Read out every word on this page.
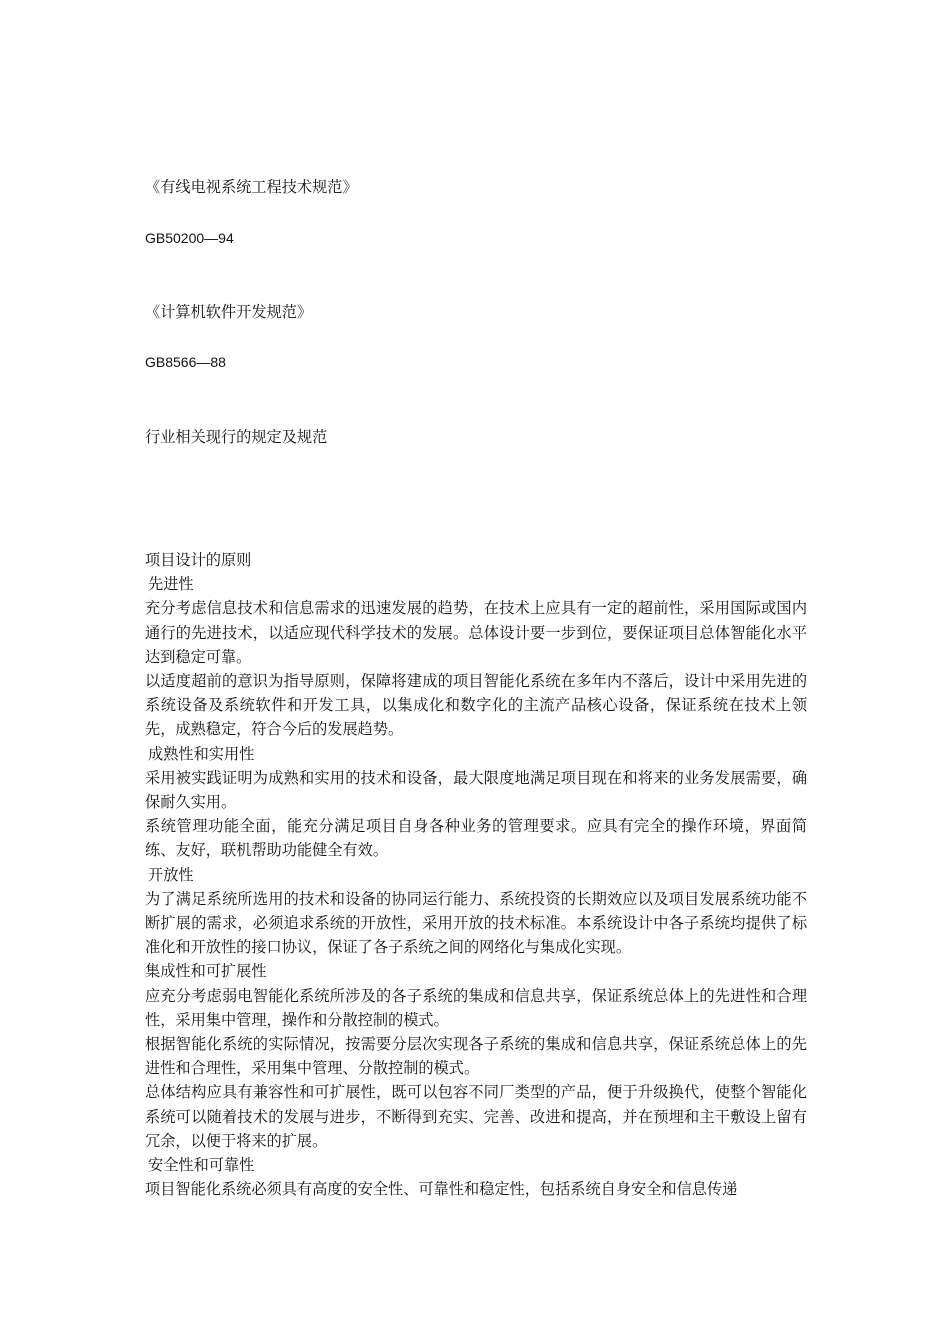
《有线电视系统工程技术规范》
GB50200—94
《计算机软件开发规范》
GB8566—88
行业相关现行的规定及规范
项目设计的原则
先进性
充分考虑信息技术和信息需求的迅速发展的趋势，在技术上应具有一定的超前性，采用国际或国内通行的先进技术，以适应现代科学技术的发展。总体设计要一步到位，要保证项目总体智能化水平达到稳定可靠。
以适度超前的意识为指导原则，保障将建成的项目智能化系统在多年内不落后，设计中采用先进的系统设备及系统软件和开发工具，以集成化和数字化的主流产品核心设备，保证系统在技术上领先，成熟稳定，符合今后的发展趋势。
成熟性和实用性
采用被实践证明为成熟和实用的技术和设备，最大限度地满足项目现在和将来的业务发展需要，确保耐久实用。
系统管理功能全面，能充分满足项目自身各种业务的管理要求。应具有完全的操作环境，界面简练、友好，联机帮助功能健全有效。
开放性
为了满足系统所选用的技术和设备的协同运行能力、系统投资的长期效应以及项目发展系统功能不断扩展的需求，必须追求系统的开放性，采用开放的技术标准。本系统设计中各子系统均提供了标准化和开放性的接口协议，保证了各子系统之间的网络化与集成化实现。
集成性和可扩展性
应充分考虑弱电智能化系统所涉及的各子系统的集成和信息共享，保证系统总体上的先进性和合理性，采用集中管理，操作和分散控制的模式。
根据智能化系统的实际情况，按需要分层次实现各子系统的集成和信息共享，保证系统总体上的先进性和合理性，采用集中管理、分散控制的模式。
总体结构应具有兼容性和可扩展性，既可以包容不同厂类型的产品，便于升级换代，使整个智能化系统可以随着技术的发展与进步，不断得到充实、完善、改进和提高，并在预埋和主干敷设上留有冗余，以便于将来的扩展。
安全性和可靠性
项目智能化系统必须具有高度的安全性、可靠性和稳定性，包括系统自身安全和信息传递
